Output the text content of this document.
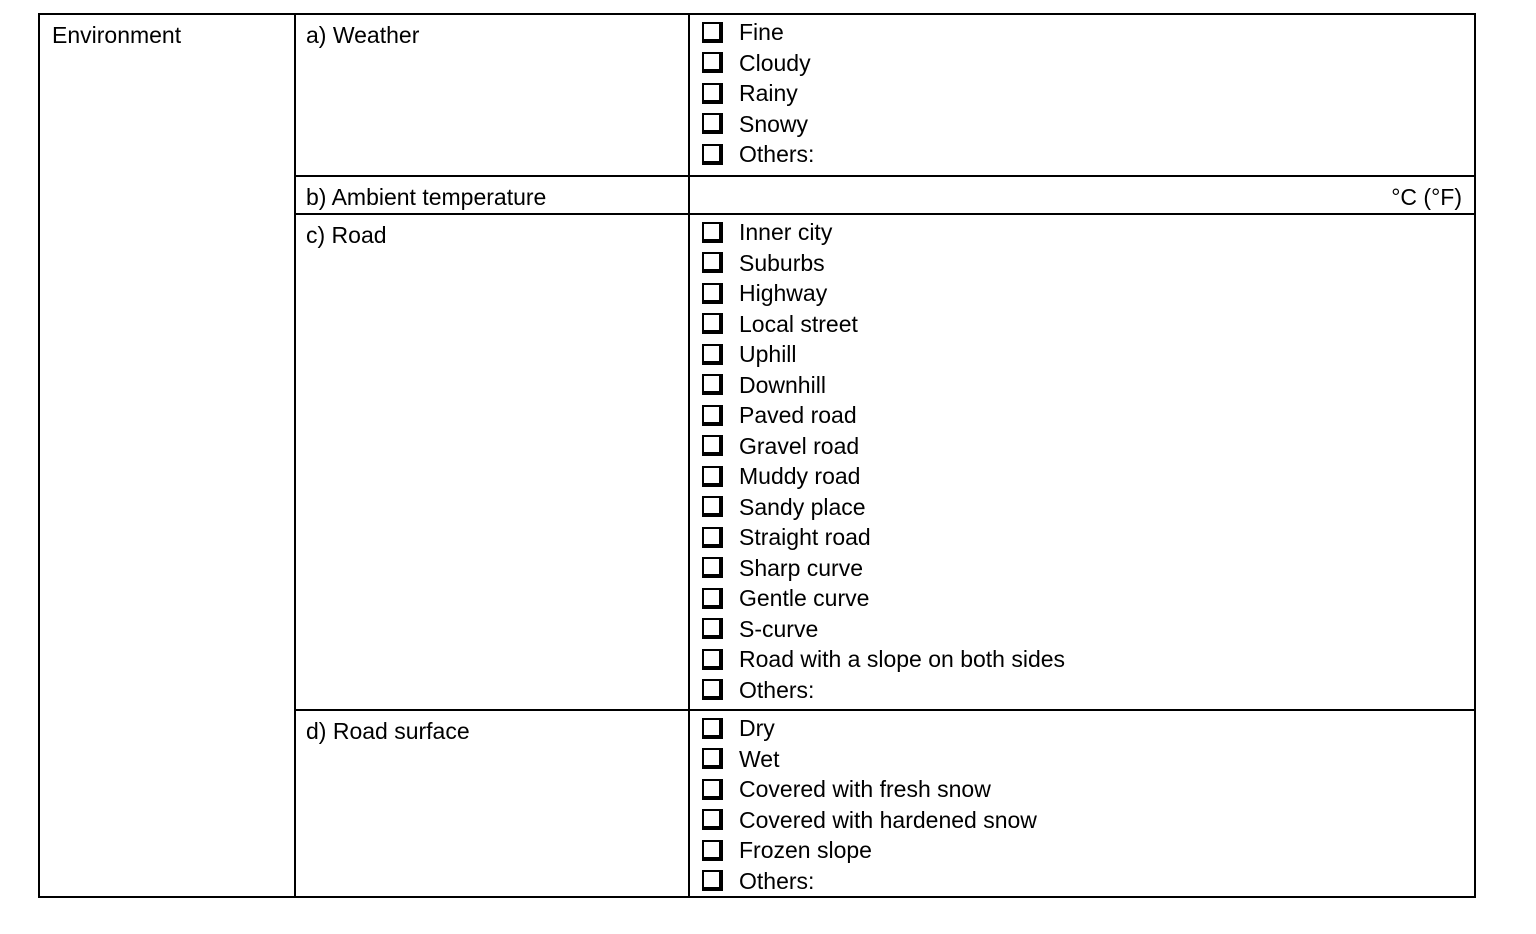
Environment	a) Weather	Fine
Cloudy
Rainy
Snowy
Others:
b) Ambient temperature	°C (°F)
c) Road	Inner city
Suburbs
Highway
Local street
Uphill
Downhill
Paved road
Gravel road
Muddy road
Sandy place
Straight road
Sharp curve
Gentle curve
S-curve
Road with a slope on both sides
Others:
d) Road surface	Dry
Wet
Covered with fresh snow
Covered with hardened snow
Frozen slope
Others:
